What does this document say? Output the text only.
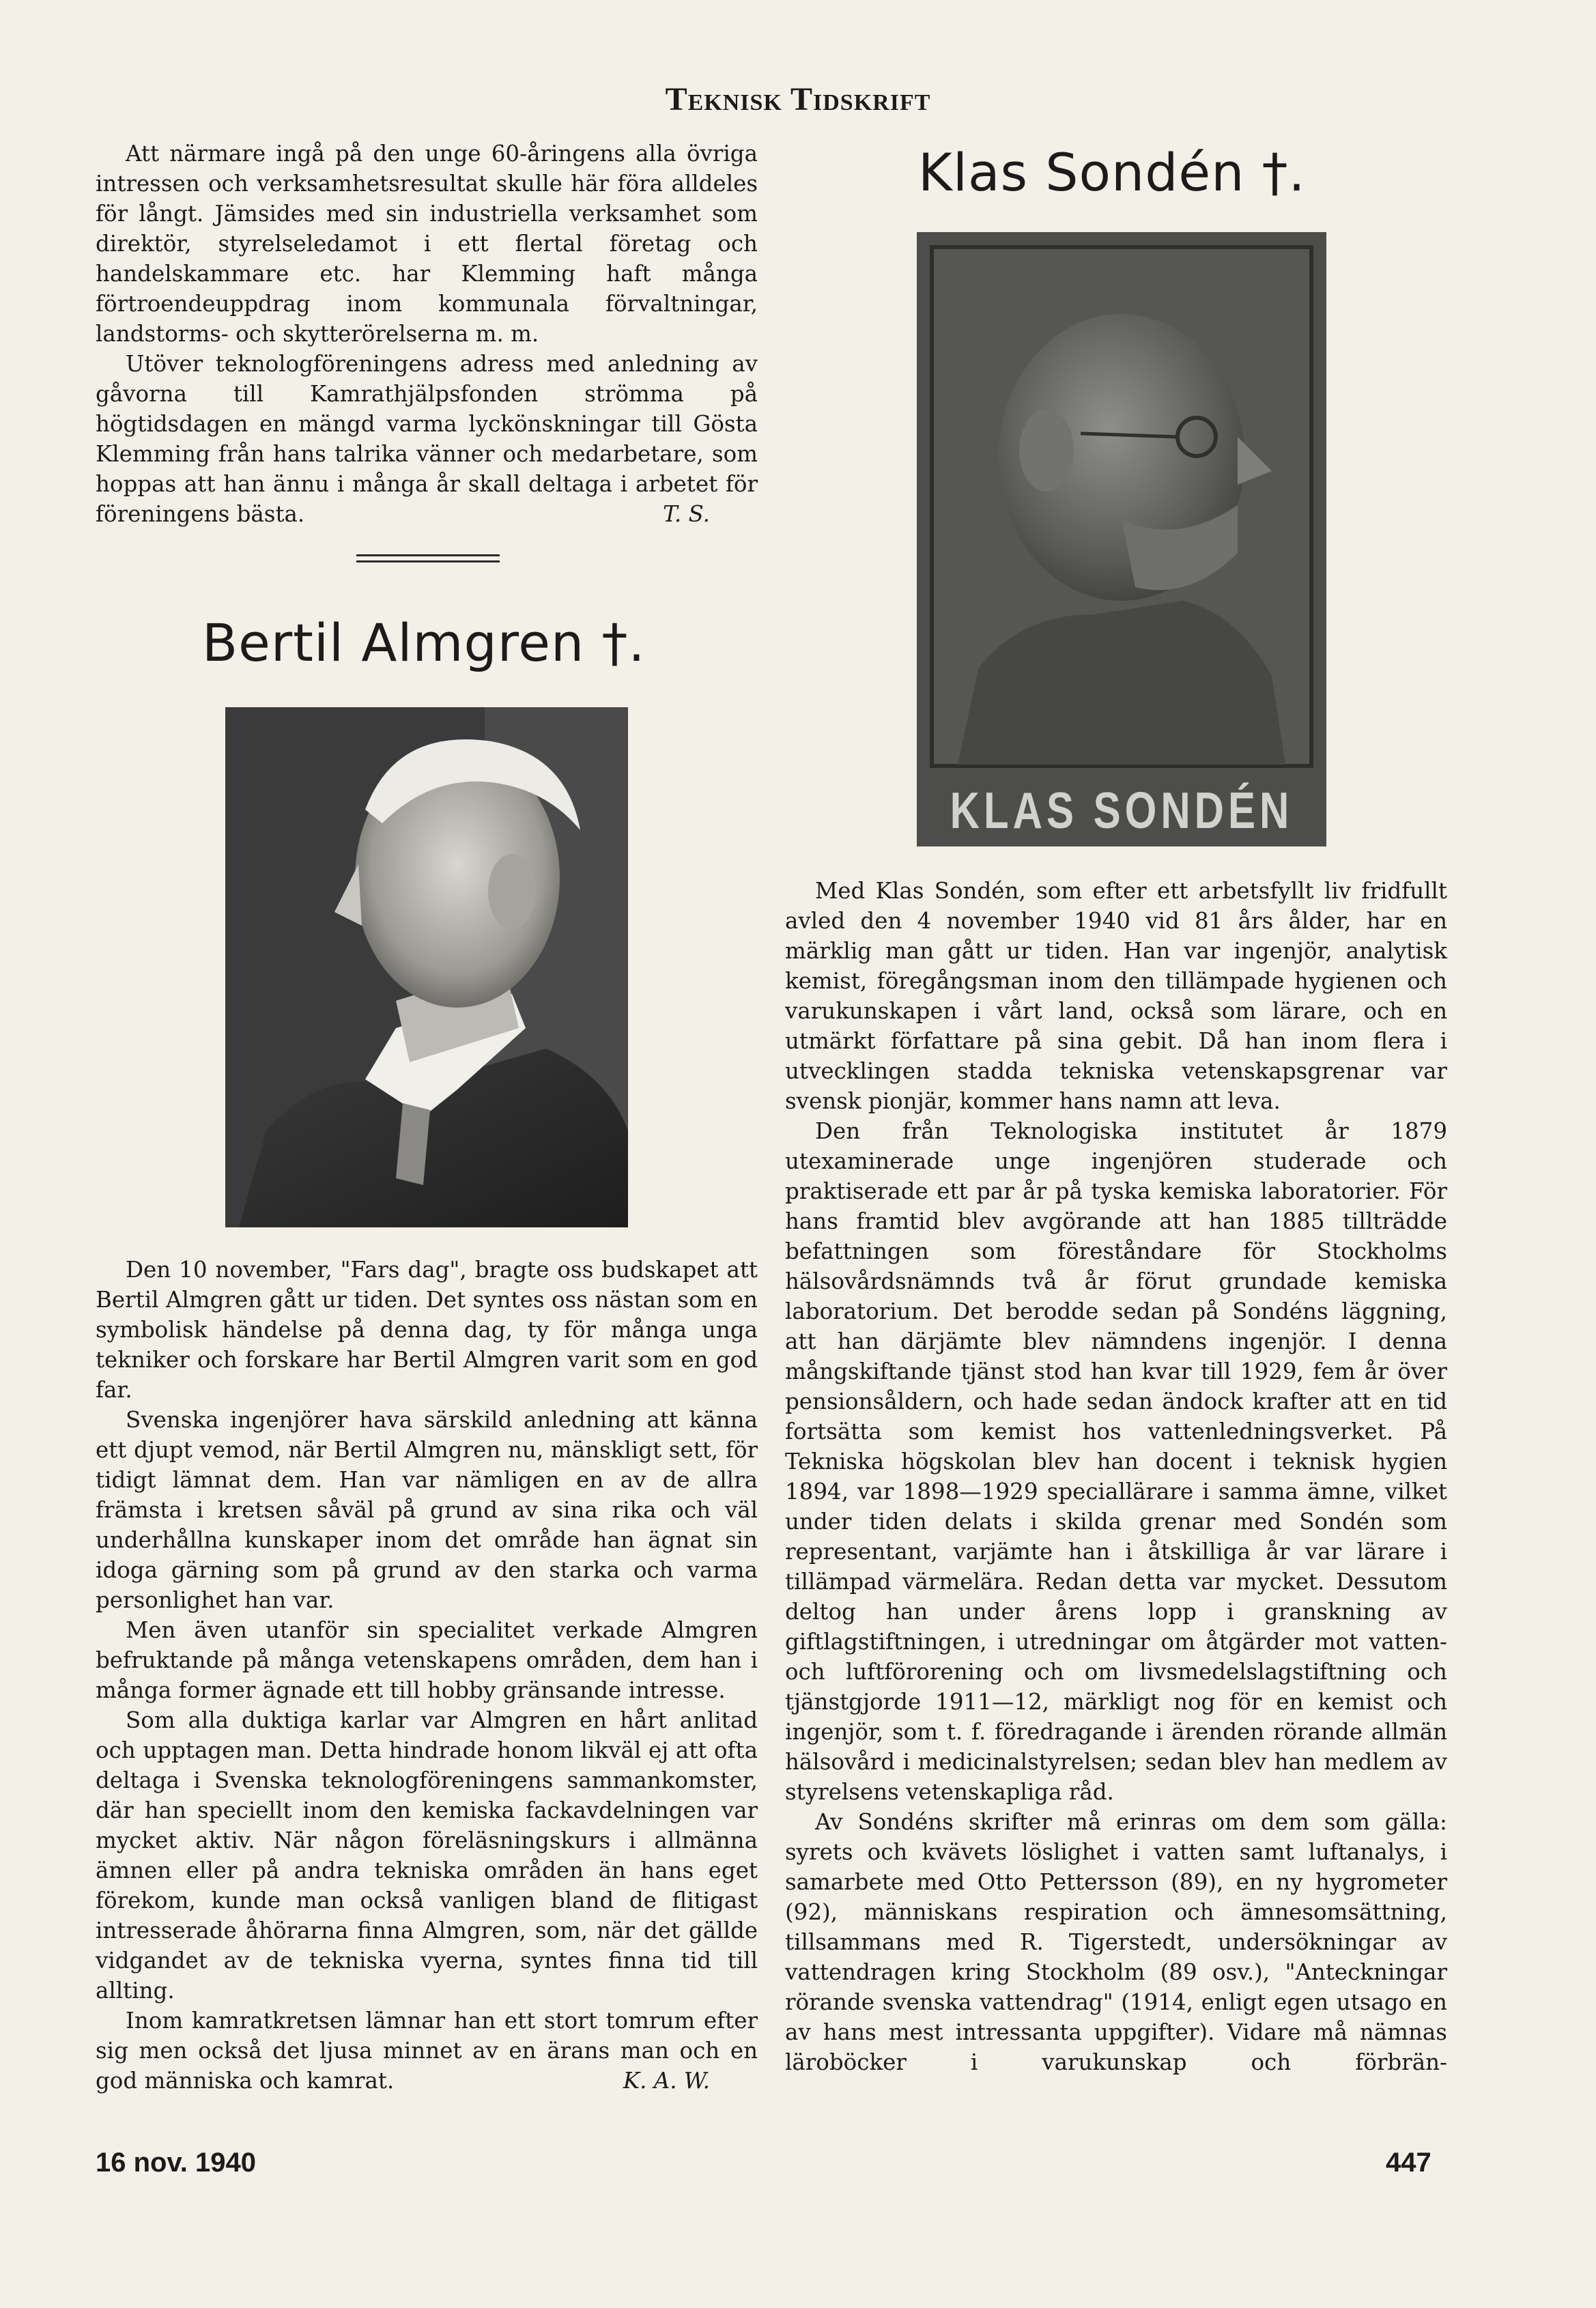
Teknisk Tidskrift

Att närmare ingå på den unge 60-åringens alla övriga intressen och verksamhetsresultat skulle här föra alldeles för långt. Jämsides med sin industriella verksamhet som direktör, styrelseledamot i ett flertal företag och handelskammare etc. har Klemming haft många förtroendeuppdrag inom kommunala förvaltningar, landstorms- och skytterörelserna m. m.

Utöver teknologföreningens adress med anledning av gåvorna till Kamrathjälpsfonden strömma på högtidsdagen en mängd varma lyckönskningar till Gösta Klemming från hans talrika vänner och medarbetare, som hoppas att han ännu i många år skall deltaga i arbetet för föreningens bästa.	T. S.
Bertil Almgren †.

Den 10 november, "Fars dag", bragte oss budskapet att Bertil Almgren gått ur tiden. Det syntes oss nästan som en symbolisk händelse på denna dag, ty för många unga tekniker och forskare har Bertil Almgren varit som en god far.

Svenska ingenjörer hava särskild anledning att känna ett djupt vemod, när Bertil Almgren nu, mänskligt sett, för tidigt lämnat dem. Han var nämligen en av de allra främsta i kretsen såväl på grund av sina rika och väl underhållna kunskaper inom det område han ägnat sin idoga gärning som på grund av den starka och varma personlighet han var.

Men även utanför sin specialitet verkade Almgren befruktande på många vetenskapens områden, dem han i många former ägnade ett till hobby gränsande intresse.

Som alla duktiga karlar var Almgren en hårt anlitad och upptagen man. Detta hindrade honom likväl ej att ofta deltaga i Svenska teknologföreningens sammankomster, där han speciellt inom den kemiska fackavdelningen var mycket aktiv. När någon föreläsningskurs i allmänna ämnen eller på andra tekniska områden än hans eget förekom, kunde man också vanligen bland de flitigast intresserade åhörarna finna Almgren, som, när det gällde vidgandet av de tekniska vyerna, syntes finna tid till allting.

Inom kamratkretsen lämnar han ett stort tomrum efter sig men också det ljusa minnet av en ärans man och en god människa och kamrat.	K. A. W.
Klas Sondén †.
KLAS SONDÉN

Med Klas Sondén, som efter ett arbetsfyllt liv fridfullt avled den 4 november 1940 vid 81 års ålder, har en märklig man gått ur tiden. Han var ingenjör, analytisk kemist, föregångsman inom den tillämpade hygienen och varukunskapen i vårt land, också som lärare, och en utmärkt författare på sina gebit. Då han inom flera i utvecklingen stadda tekniska vetenskapsgrenar var svensk pionjär, kommer hans namn att leva.

Den från Teknologiska institutet år 1879 utexaminerade unge ingenjören studerade och praktiserade ett par år på tyska kemiska laboratorier. För hans framtid blev avgörande att han 1885 tillträdde befattningen som föreståndare för Stockholms hälsovårdsnämnds två år förut grundade kemiska laboratorium. Det berodde sedan på Sondéns läggning, att han därjämte blev nämndens ingenjör. I denna mångskiftande tjänst stod han kvar till 1929, fem år över pensionsåldern, och hade sedan ändock krafter att en tid fortsätta som kemist hos vattenledningsverket. På Tekniska högskolan blev han docent i teknisk hygien 1894, var 1898—1929 speciallärare i samma ämne, vilket under tiden delats i skilda grenar med Sondén som representant, varjämte han i åtskilliga år var lärare i tillämpad värmelära. Redan detta var mycket. Dessutom deltog han under årens lopp i granskning av giftlagstiftningen, i utredningar om åtgärder mot vatten- och luftförorening och om livsmedelslagstiftning och tjänstgjorde 1911—12, märkligt nog för en kemist och ingenjör, som t. f. föredragande i ärenden rörande allmän hälsovård i medicinalstyrelsen; sedan blev han medlem av styrelsens vetenskapliga råd.

Av Sondéns skrifter må erinras om dem som gälla: syrets och kvävets löslighet i vatten samt luftanalys, i samarbete med Otto Pettersson (89), en ny hygrometer (92), människans respiration och ämnesomsättning, tillsammans med R. Tigerstedt, undersökningar av vattendragen kring Stockholm (89 osv.), "Anteckningar rörande svenska vattendrag" (1914, enligt egen utsago en av hans mest intressanta uppgifter). Vidare må nämnas läroböcker i varukunskap och förbrän-

16 nov. 1940	447
